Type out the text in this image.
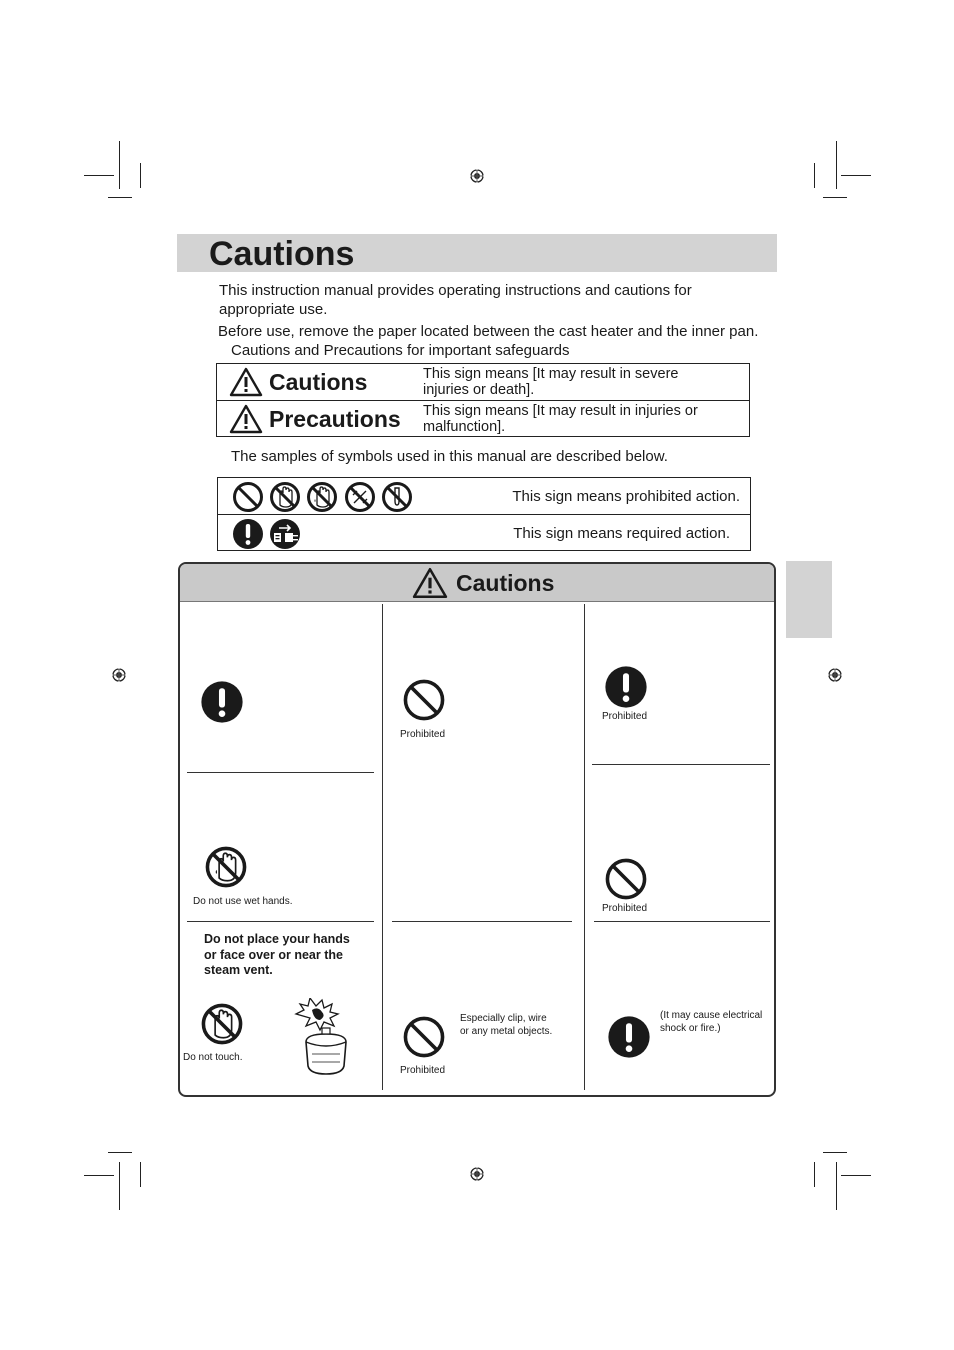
Cautions
This instruction manual provides operating instructions and cautions for
appropriate use.
Before use, remove the paper located between the cast heater and the inner pan.
Cautions and Precautions for important safeguards
Cautions	This sign means [It may result in severe
injuries or death].
Precautions This sign means [It may result in injuries or
malfunction].
The samples of symbols used in this manual are described below.
This sign means prohibited action.
This sign means required action.
Cautions
Do not use wet hands.
Do not place your hands
or face over or near the
steam vent.
Do not touch.
Prohibited
Especially clip, wire
or any metal objects.
Prohibited
Prohibited
Prohibited
(It may cause electrical
shock or fire.)
